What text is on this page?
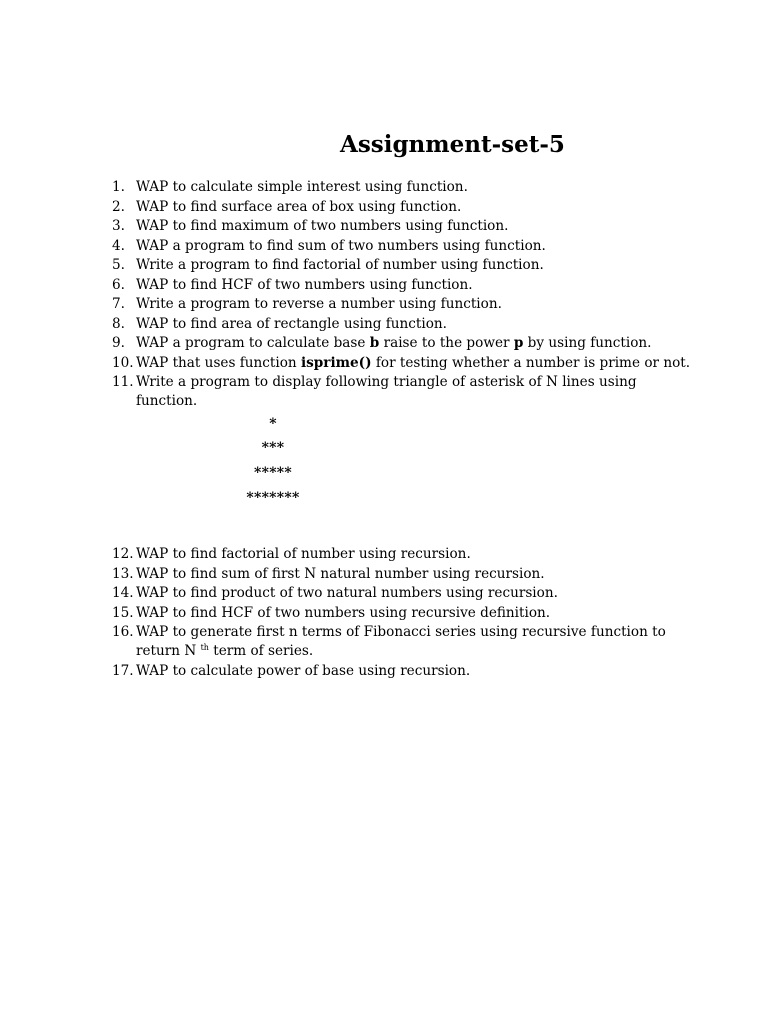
Assignment-set-5
1. WAP to calculate simple interest using function.
2. WAP to find surface area of box using function.
3. WAP to find maximum of two numbers using function.
4. WAP a program to find sum of two numbers using function.
5. Write a program to find factorial of number using function.
6. WAP to find HCF of two numbers using function.
7. Write a program to reverse a number using function.
8. WAP to find area of rectangle using function.
9. WAP a program to calculate base b raise to the power p by using function.
10. WAP that uses function isprime() for testing whether a number is prime or not.
11. Write a program to display following triangle of asterisk of N lines using
function.
*
***
*****
*******
12. WAP to find factorial of number using recursion.
13. WAP to find sum of first N natural number using recursion.
14. WAP to find product of two natural numbers using recursion.
15. WAP to find HCF of two numbers using recursive definition.
16. WAP to generate first n terms of Fibonacci series using recursive function to
return N $^{th}$ term of series.
17. WAP to calculate power of base using recursion.
